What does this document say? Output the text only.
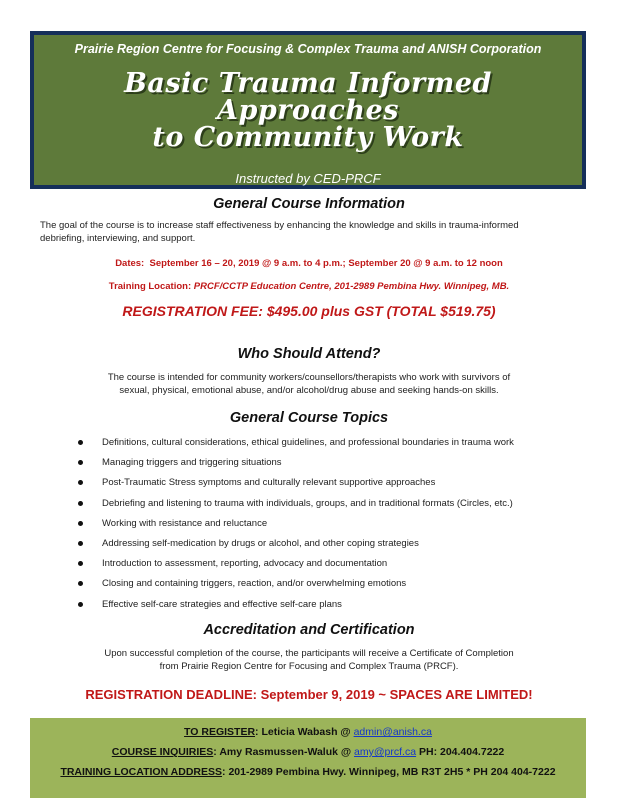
Prairie Region Centre for Focusing & Complex Trauma and ANISH Corporation
Basic Trauma Informed Approaches
to Community Work
Instructed by CED-PRCF
General Course Information
The goal of the course is to increase staff effectiveness by enhancing the knowledge and skills in trauma-informed
debriefing, interviewing, and support.
Dates: September 16 – 20, 2019 @ 9 a.m. to 4 p.m.; September 20 @ 9 a.m. to 12 noon
Training Location: PRCF/CCTP Education Centre, 201-2989 Pembina Hwy. Winnipeg, MB.
REGISTRATION FEE: $495.00 plus GST (TOTAL $519.75)
Who Should Attend?
The course is intended for community workers/counsellors/therapists who work with survivors of
sexual, physical, emotional abuse, and/or alcohol/drug abuse and seeking hands-on skills.
General Course Topics
Definitions, cultural considerations, ethical guidelines, and professional boundaries in trauma work
Managing triggers and triggering situations
Post-Traumatic Stress symptoms and culturally relevant supportive approaches
Debriefing and listening to trauma with individuals, groups, and in traditional formats (Circles, etc.)
Working with resistance and reluctance
Addressing self-medication by drugs or alcohol, and other coping strategies
Introduction to assessment, reporting, advocacy and documentation
Closing and containing triggers, reaction, and/or overwhelming emotions
Effective self-care strategies and effective self-care plans
Accreditation and Certification
Upon successful completion of the course, the participants will receive a Certificate of Completion
from Prairie Region Centre for Focusing and Complex Trauma (PRCF).
REGISTRATION DEADLINE: September 9, 2019 ~ SPACES ARE LIMITED!
TO REGISTER: Leticia Wabash @ admin@anish.ca
COURSE INQUIRIES: Amy Rasmussen-Waluk @ amy@prcf.ca PH: 204.404.7222
TRAINING LOCATION ADDRESS: 201-2989 Pembina Hwy. Winnipeg, MB R3T 2H5 * PH 204 404-7222
